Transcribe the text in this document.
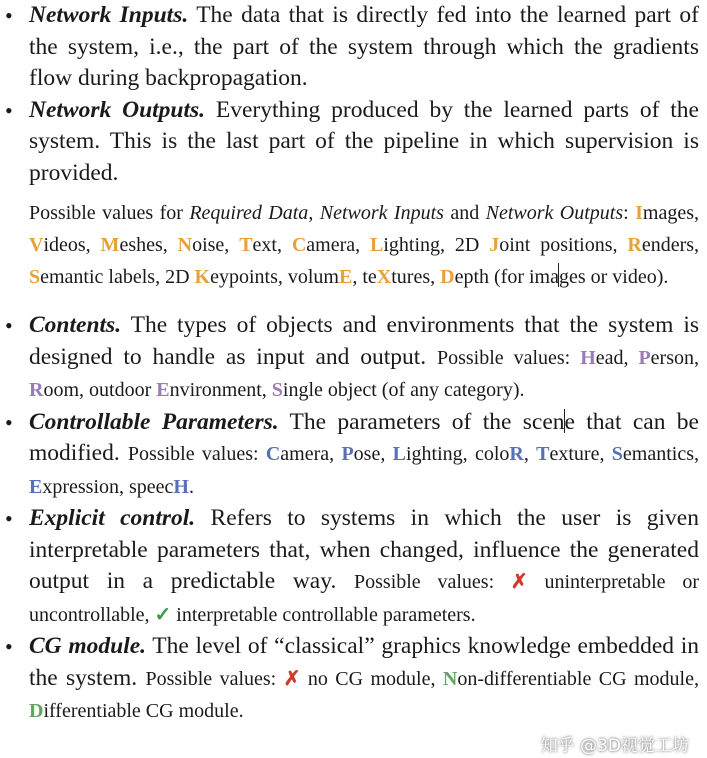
• Network Inputs. The data that is directly fed into the learned part of the system, i.e., the part of the system through which the gradients flow during backpropagation.
• Network Outputs. Everything produced by the learned parts of the system. This is the last part of the pipeline in which supervision is provided.
Possible values for Required Data, Network Inputs and Network Outputs: Images, Videos, Meshes, Noise, Text, Camera, Lighting, 2D Joint positions, Renders, Semantic labels, 2D Keypoints, volumE, teXtures, Depth (for images or video).
• Contents. The types of objects and environments that the system is designed to handle as input and output. Possible values: Head, Person, Room, outdoor Environment, Single object (of any category).
• Controllable Parameters. The parameters of the scene that can be modified. Possible values: Camera, Pose, Lighting, coloR, Texture, Semantics, Expression, speecH.
• Explicit control. Refers to systems in which the user is given interpretable parameters that, when changed, influence the generated output in a predictable way. Possible values: ✗ uninterpretable or uncontrollable, ✓ interpretable controllable parameters.
• CG module. The level of “classical” graphics knowledge embedded in the system. Possible values: ✗ no CG module, Non-differentiable CG module, Differentiable CG module.
知乎 @3D视觉工坊
